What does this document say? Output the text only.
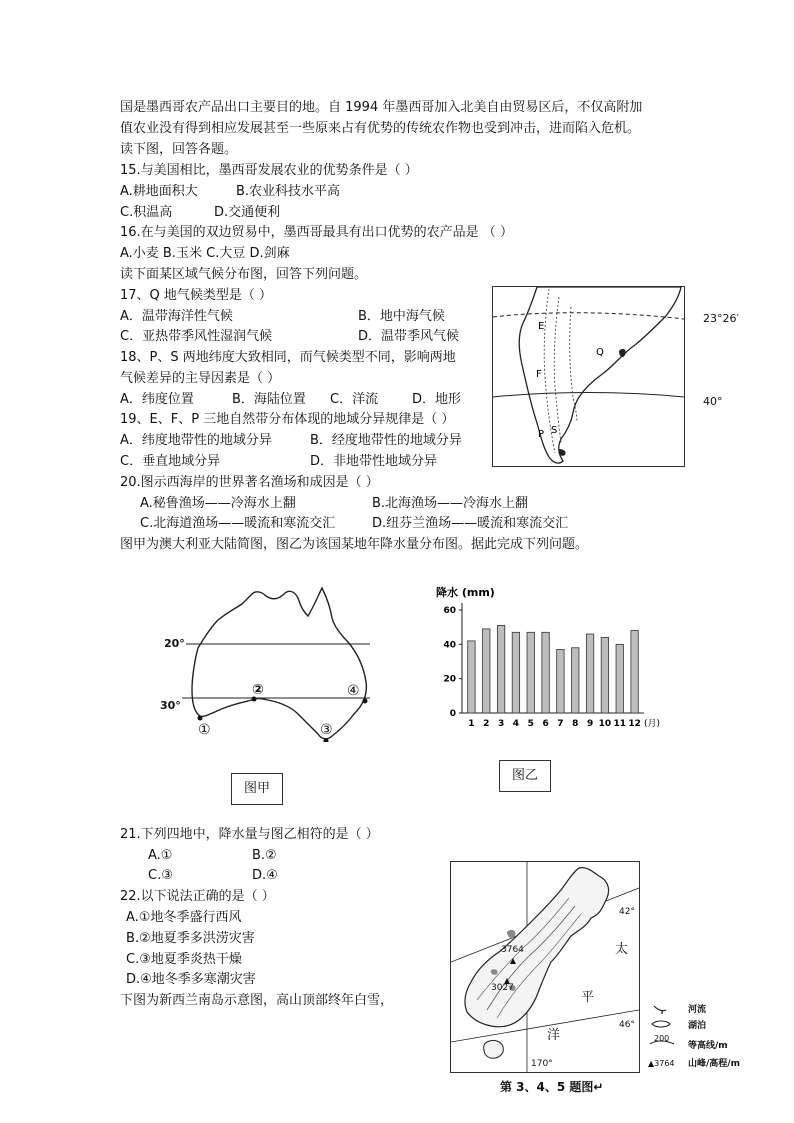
国是墨西哥农产品出口主要目的地。自 1994 年墨西哥加入北美自由贸易区后，不仅高附加
值农业没有得到相应发展甚至一些原来占有优势的传统农作物也受到冲击，进而陷入危机。
读下图，回答各题。
15.与美国相比，墨西哥发展农业的优势条件是（ ）
A.耕地面积大	B.农业科技水平高
C.积温高	D.交通便利
16.在与美国的双边贸易中，墨西哥最具有出口优势的农产品是 （ ）
A.小麦 B.玉米 C.大豆 D.剑麻
读下面某区域气候分布图，回答下列问题。
17、Q 地气候类型是（ ）
A．温带海洋性气候	B．地中海气候
C．亚热带季风性湿润气候	D．温带季风气候
18、P、S 两地纬度大致相同，而气候类型不同，影响两地
气候差异的主导因素是（ ）
A．纬度位置	B．海陆位置 C．洋流	D．地形
19、E、F、P 三地自然带分布体现的地域分异规律是（ ）
A．纬度地带性的地域分异	B．经度地带性的地域分异
C．垂直地域分异	D．非地带性地域分异
20.图示西海岸的世界著名渔场和成因是（ ）
A.秘鲁渔场——冷海水上翻	B.北海渔场——冷海水上翻
C.北海道渔场——暖流和寒流交汇	D.纽芬兰渔场——暖流和寒流交汇
图甲为澳大利亚大陆简图，图乙为该国某地年降水量分布图。据此完成下列问题。
E
F
Q
P S
23°26′
40°
20°
30°
①
②
③
④
图甲
降水 (mm)
0
20
40
60
1 2 3 4 5 6 7 8 9 10 11 12 (月)
图乙
21.下列四地中，降水量与图乙相符的是（ ）
A.①	B.②
C.③	D.④
22.以下说法正确的是（ ）
A.①地冬季盛行西风
B.②地夏季多洪涝灾害
C.③地夏季炎热干燥
D.④地冬季多寒潮灾害
下图为新西兰南岛示意图，高山顶部终年白雪，
42°
46°
170°
3764
3027
太
平
洋
河流
湖泊
200
等高线/m
▲3764 山峰/高程/m
第 3、4、5 题图↵
